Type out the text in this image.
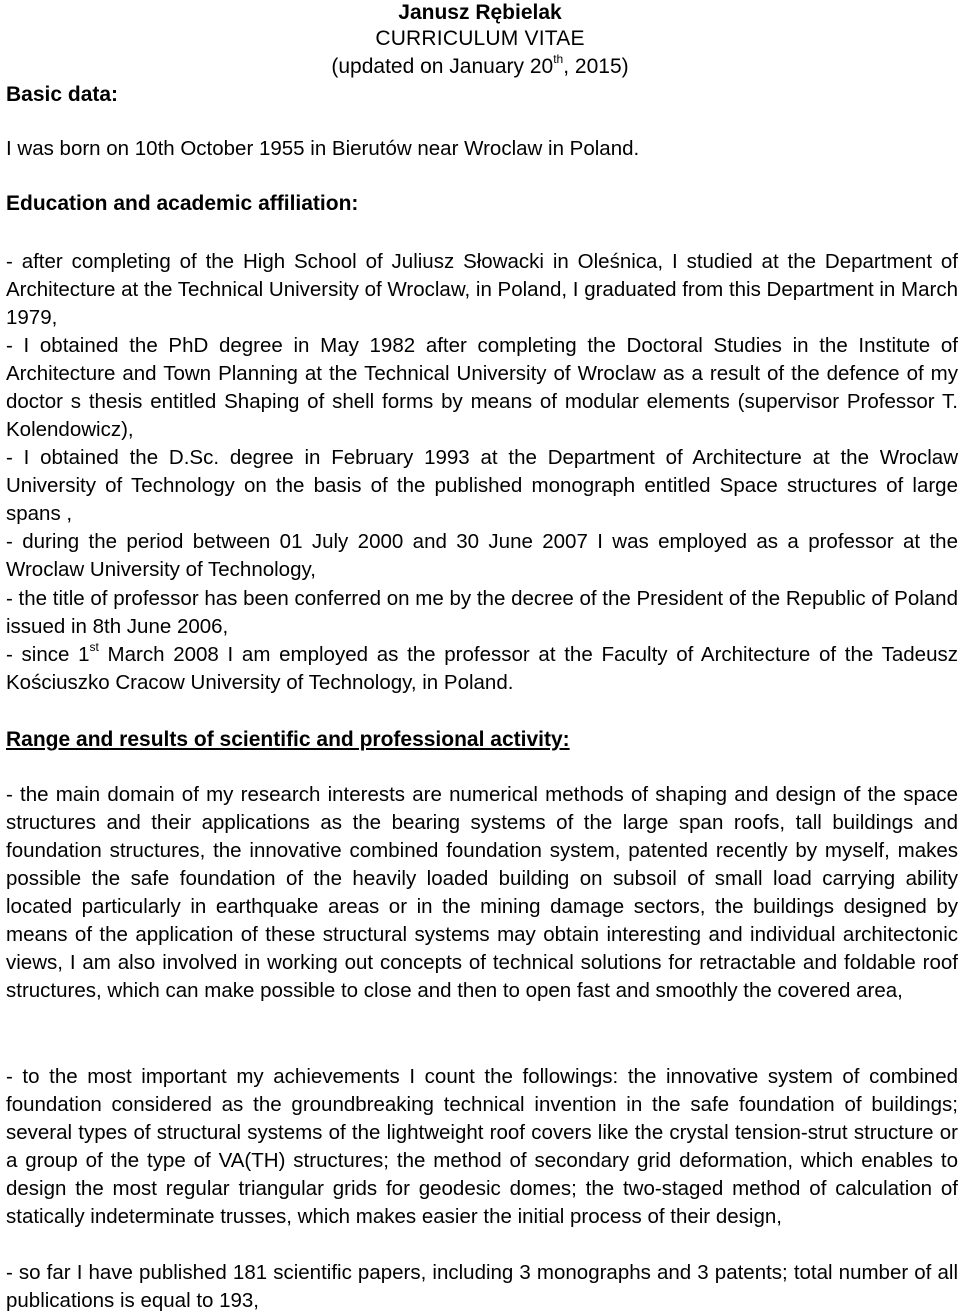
Janusz Rębielak
CURRICULUM VITAE
(updated on January 20th, 2015)
Basic data:
I was born on 10th October 1955 in Bierutów near Wroclaw in Poland.
Education and academic affiliation:

- after completing of the High School of Juliusz Słowacki in Oleśnica, I studied at the Department of Architecture at the Technical University of Wroclaw, in Poland, I graduated from this Department in March 1979,

- I obtained the PhD degree in May 1982 after completing the Doctoral Studies in the Institute of Architecture and Town Planning at the Technical University of Wroclaw as a result of the defence of my doctor s thesis entitled Shaping of shell forms by means of modular elements (supervisor Professor T. Kolendowicz),

- I obtained the D.Sc. degree in February 1993 at the Department of Architecture at the Wroclaw University of Technology on the basis of the published monograph entitled Space structures of large spans ,

- during the period between 01 July 2000 and 30 June 2007 I was employed as a professor at the Wroclaw University of Technology,

- the title of professor has been conferred on me by the decree of the President of the Republic of Poland issued in 8th June 2006,

- since 1st March 2008 I am employed as the professor at the Faculty of Architecture of the Tadeusz Kościuszko Cracow University of Technology, in Poland.

Range and results of scientific and professional activity:

- the main domain of my research interests are numerical methods of shaping and design of the space structures and their applications as the bearing systems of the large span roofs, tall buildings and foundation structures, the innovative combined foundation system, patented recently by myself, makes possible the safe foundation of the heavily loaded building on subsoil of small load carrying ability located particularly in earthquake areas or in the mining damage sectors, the buildings designed by means of the application of these structural systems may obtain interesting and individual architectonic views, I am also involved in working out concepts of technical solutions for retractable and foldable roof structures, which can make possible to close and then to open fast and smoothly the covered area,

- to the most important my achievements I count the followings: the innovative system of combined foundation considered as the groundbreaking technical invention in the safe foundation of buildings; several types of structural systems of the lightweight roof covers like the crystal tension-strut structure or a group of the type of VA(TH) structures; the method of secondary grid deformation, which enables to design the most regular triangular grids for geodesic domes; the two-staged method of calculation of statically indeterminate trusses, which makes easier the initial process of their design,

- so far I have published 181 scientific papers, including 3 monographs and 3 patents; total number of all publications is equal to 193,
